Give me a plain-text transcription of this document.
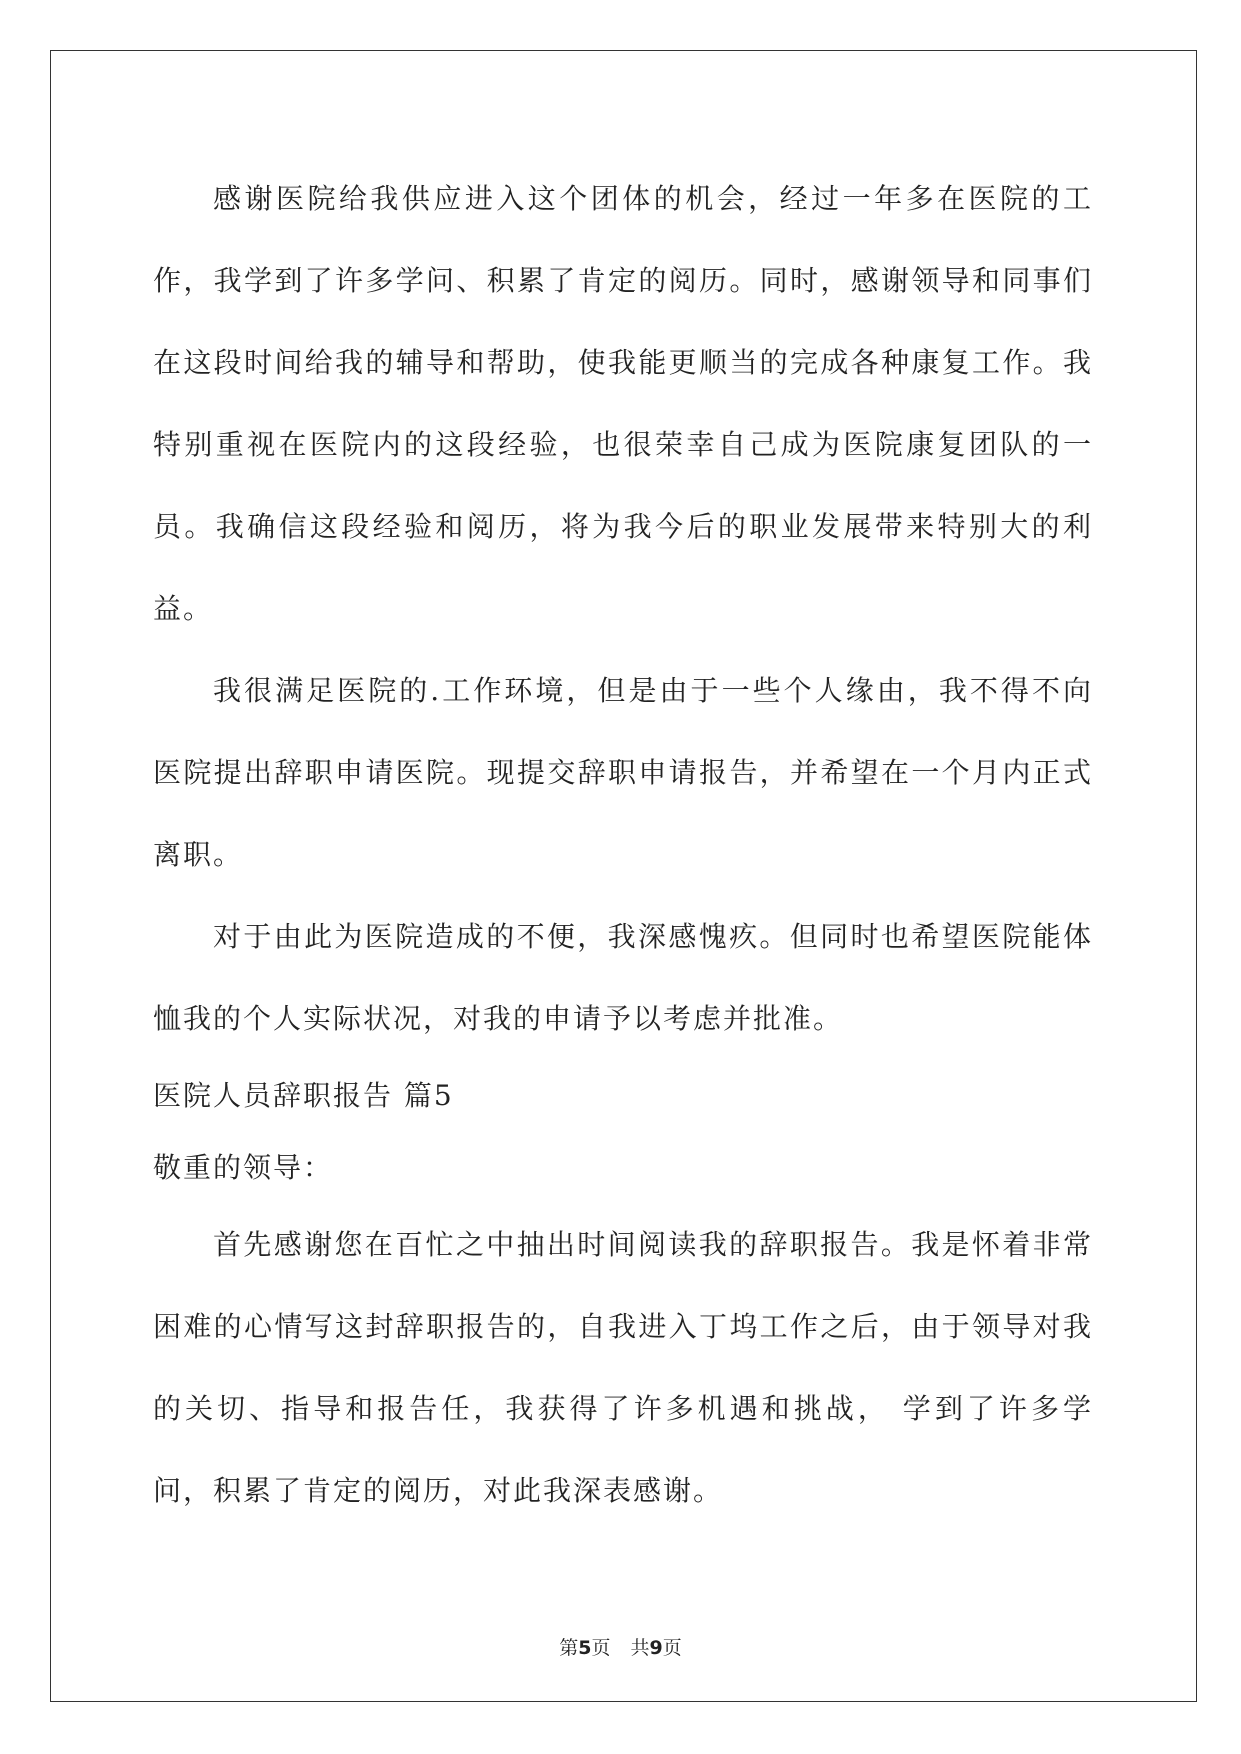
感谢医院给我供应进入这个团体的机会，经过一年多在医院的工作，我学到了许多学问、积累了肯定的阅历。同时，感谢领导和同事们在这段时间给我的辅导和帮助，使我能更顺当的完成各种康复工作。我特别重视在医院内的这段经验，也很荣幸自己成为医院康复团队的一员。我确信这段经验和阅历，将为我今后的职业发展带来特别大的利益。

我很满足医院的.工作环境，但是由于一些个人缘由，我不得不向医院提出辞职申请医院。现提交辞职申请报告，并希望在一个月内正式离职。

对于由此为医院造成的不便，我深感愧疚。但同时也希望医院能体恤我的个人实际状况，对我的申请予以考虑并批准。

医院人员辞职报告 篇5

敬重的领导：

首先感谢您在百忙之中抽出时间阅读我的辞职报告。我是怀着非常困难的心情写这封辞职报告的，自我进入丁坞工作之后，由于领导对我的关切、指导和报告任，我获得了许多机遇和挑战， 学到了许多学问，积累了肯定的阅历，对此我深表感谢。

第5页 共9页
